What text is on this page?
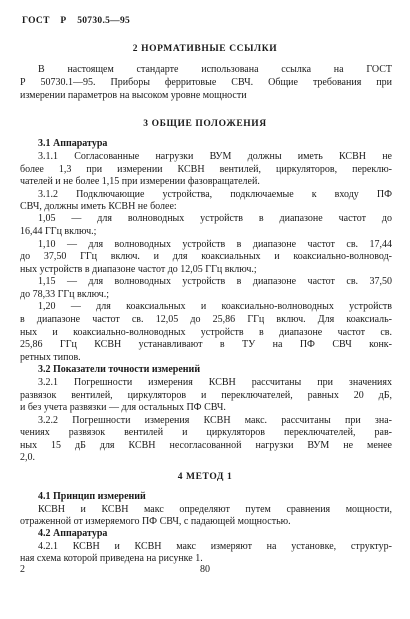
ГОСТ Р 50730.5—95
2 НОРМАТИВНЫЕ ССЫЛКИ
В настоящем стандарте использована ссылка на ГОСТ
Р 50730.1—95. Приборы ферритовые СВЧ. Общие требования при
измерении параметров на высоком уровне мощности
3 ОБЩИЕ ПОЛОЖЕНИЯ
3.1 Аппаратура
3.1.1 Согласованные нагрузки ВУМ должны иметь КСВН не
более 1,3 при измерении КСВН вентилей, циркуляторов, переклю-
чателей и не более 1,15 при измерении фазовращателей.
3.1.2 Подключающие устройства, подключаемые к входу ПФ
СВЧ, должны иметь КСВН не более:
1,05 — для волноводных устройств в диапазоне частот до
16,44 ГГц включ.;
1,10 — для волноводных устройств в диапазоне частот св. 17,44
до 37,50 ГГц включ. и для коаксиальных и коаксиально-волновод-
ных устройств в диапазоне частот до 12,05 ГГц включ.;
1,15 — для волноводных устройств в диапазоне частот св. 37,50
до 78,33 ГГц включ.;
1,20 — для коаксиальных и коаксиально-волноводных устройств
в диапазоне частот св. 12,05 до 25,86 ГГц включ. Для коаксиаль-
ных и коаксиально-волноводных устройств в диапазоне частот св.
25,86 ГГц КСВН устанавливают в ТУ на ПФ СВЧ конк-
ретных типов.
3.2 Показатели точности измерений
3.2.1 Погрешности измерения КСВН рассчитаны при значениях
развязок вентилей, циркуляторов и переключателей, равных 20 дБ,
и без учета развязки — для остальных ПФ СВЧ.
3.2.2 Погрешности измерения КСВН макс. рассчитаны при зна-
чениях развязок вентилей и циркуляторов переключателей, рав-
ных 15 дБ для КСВН несогласованной нагрузки ВУМ не менее
2,0.
4 МЕТОД 1
4.1 Принцип измерений
КСВН и КСВН макс определяют путем сравнения мощности,
отраженной от измеряемого ПФ СВЧ, с падающей мощностью.
4.2 Аппаратура
4.2.1 КСВН и КСВН макс измеряют на установке, структур-
ная схема которой приведена на рисунке 1.
2	80
